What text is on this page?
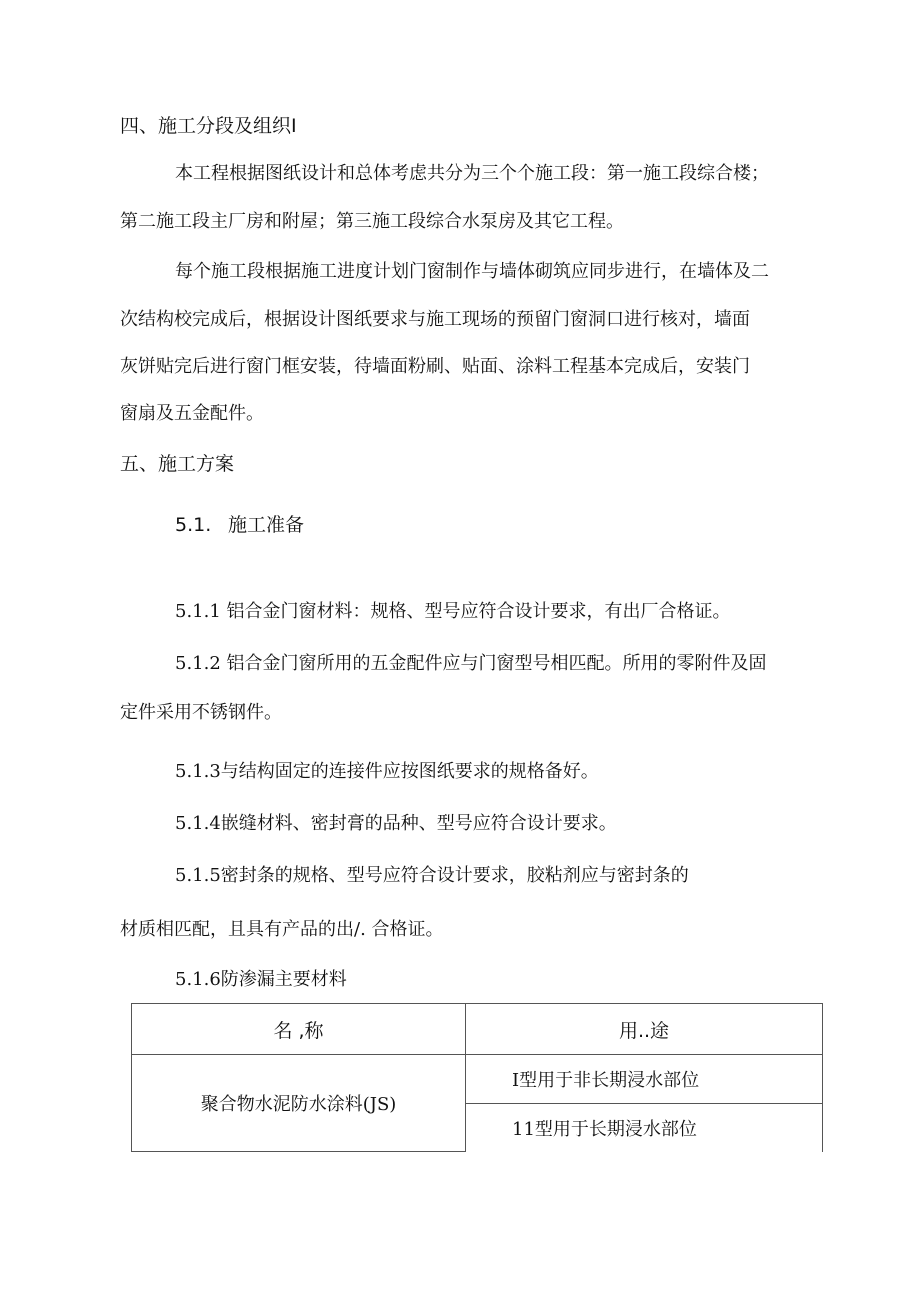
四、施工分段及组织I
本工程根据图纸设计和总体考虑共分为三个个施工段：第一施工段综合楼；
第二施工段主厂房和附屋；第三施工段综合水泵房及其它工程。
每个施工段根据施工进度计划门窗制作与墙体砌筑应同步进行，在墙体及二
次结构校完成后，根据设计图纸要求与施工现场的预留门窗洞口进行核对，墙面
灰饼贴完后进行窗门框安装，待墙面粉刷、贴面、涂料工程基本完成后，安装门
窗扇及五金配件。
五、施工方案
5.1. 施工准备
5.1.1 铝合金门窗材料：规格、型号应符合设计要求，有出厂合格证。
5.1.2 铝合金门窗所用的五金配件应与门窗型号相匹配。所用的零附件及固
定件采用不锈钢件。
5.1.3与结构固定的连接件应按图纸要求的规格备好。
5.1.4嵌缝材料、密封膏的品种、型号应符合设计要求。
5.1.5密封条的规格、型号应符合设计要求，胶粘剂应与密封条的
材质相匹配，且具有产品的出/. 合格证。
5.1.6防渗漏主要材料
名 ,称	用..途
聚合物水泥防水涂料(JS)	I型用于非长期浸水部位
	11型用于长期浸水部位
